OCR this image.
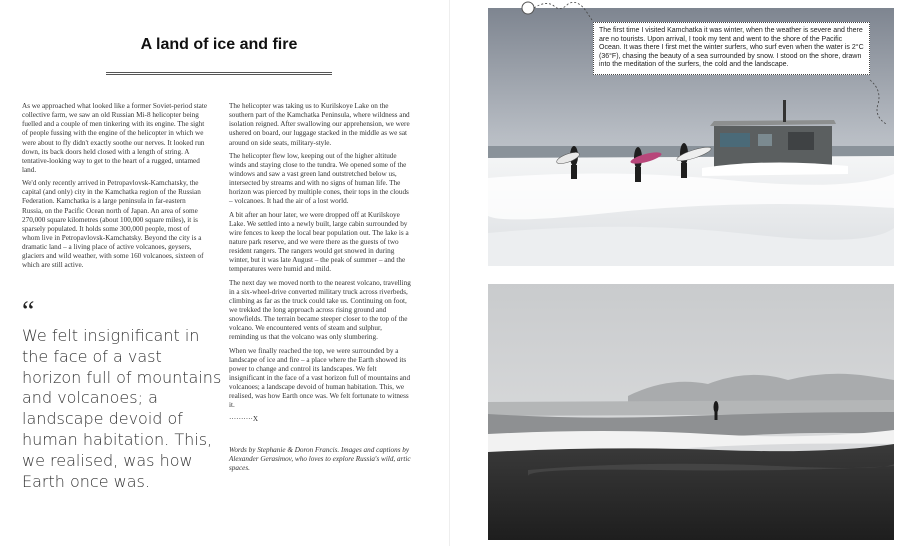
A land of ice and fire

As we approached what looked like a former Soviet-period state collective farm, we saw an old Russian Mi-8 helicopter being fuelled and a couple of men tinkering with its engine. The sight of people fussing with the engine of the helicopter in which we were about to fly didn't exactly soothe our nerves. It looked run down, its back doors held closed with a length of string. A tentative-looking way to get to the heart of a rugged, untamed land.

We'd only recently arrived in Petropavlovsk-Kamchatsky, the capital (and only) city in the Kamchatka region of the Russian Federation. Kamchatka is a large peninsula in far-eastern Russia, on the Pacific Ocean north of Japan. An area of some 270,000 square kilometres (about 100,000 square miles), it is sparsely populated. It holds some 300,000 people, most of whom live in Petropavlovsk-Kamchatsky. Beyond the city is a dramatic land – a living place of active volcanoes, geysers, glaciers and wild weather, with some 160 volcanoes, sixteen of which are still active.

“
We felt insignificant in the face of a vast horizon full of mountains and volcanoes; a landscape devoid of human habitation. This, we realised, was how Earth once was.

The helicopter was taking us to Kurilskoye Lake on the southern part of the Kamchatka Peninsula, where wildness and isolation reigned. After swallowing our apprehension, we were ushered on board, our luggage stacked in the middle as we sat around on side seats, military-style.

The helicopter flew low, keeping out of the higher altitude winds and staying close to the tundra. We opened some of the windows and saw a vast green land outstretched below us, intersected by streams and with no signs of human life. The horizon was pierced by multiple cones, their tops in the clouds – volcanoes. It had the air of a lost world.

A bit after an hour later, we were dropped off at Kurilskoye Lake. We settled into a newly built, large cabin surrounded by wire fences to keep the local bear population out. The lake is a nature park reserve, and we were there as the guests of two resident rangers. The rangers would get snowed in during winter, but it was late August – the peak of summer – and the temperatures were humid and mild.

The next day we moved north to the nearest volcano, travelling in a six-wheel-drive converted military truck across riverbeds, climbing as far as the truck could take us. Continuing on foot, we trekked the long approach across rising ground and snowfields. The terrain became steeper closer to the top of the volcano. We encountered vents of steam and sulphur, reminding us that the volcano was only slumbering.

When we finally reached the top, we were surrounded by a landscape of ice and fire – a place where the Earth showed its power to change and control its landscapes. We felt insignificant in the face of a vast horizon full of mountains and volcanoes; a landscape devoid of human habitation. This, we realised, was how Earth once was. We felt fortunate to witness it.

··········X

Words by Stephanie & Doron Francis. Images and captions by Alexander Gerasimov, who loves to explore Russia's wild, artic spaces.

The first time I visited Kamchatka it was winter, when the weather is severe and there are no tourists. Upon arrival, I took my tent and went to the shore of the Pacific Ocean. It was there I first met the winter surfers, who surf even when the water is 2°C (36°F), chasing the beauty of a sea surrounded by snow. I stood on the shore, drawn into the meditation of the surfers, the cold and the landscape.
